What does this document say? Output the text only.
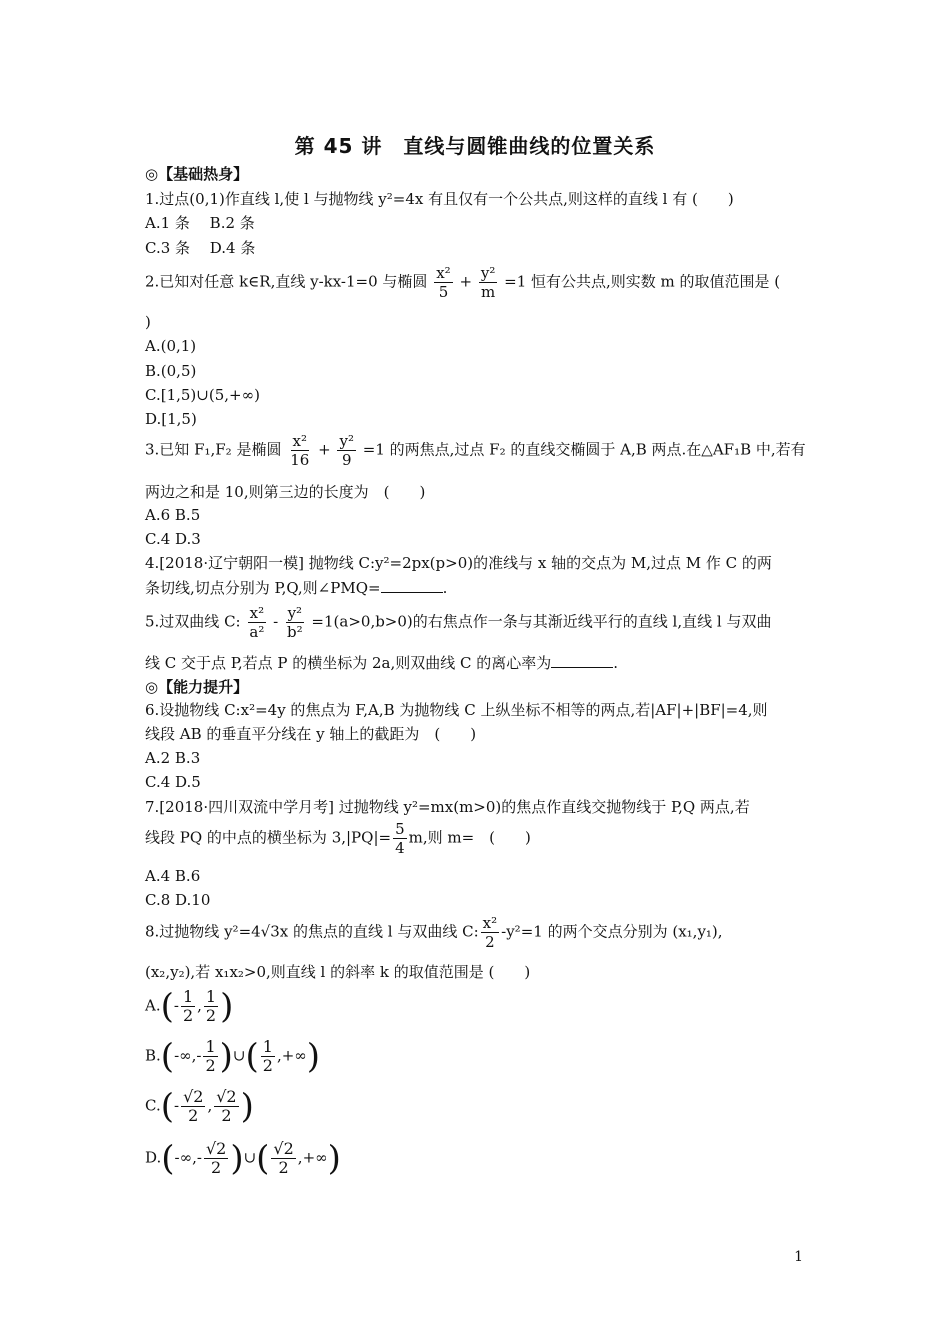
第 45 讲　直线与圆锥曲线的位置关系
◎【基础热身】
1.过点(0,1)作直线 l,使 l 与抛物线 y²=4x 有且仅有一个公共点,则这样的直线 l 有 (　　)
A.1 条　 B.2 条
C.3 条　 D.4 条
2.已知对任意 k∈R,直线 y-kx-1=0 与椭圆 $\frac{\text{x²}}{5} + \frac{\text{y²}}{m} =1$ 恒有公共点,则实数 m 的取值范围是 (
)
A.(0,1)
B.(0,5)
C.[1,5)∪(5,+∞)
D.[1,5)
3.已知 F₁,F₂ 是椭圆 $\frac{\text{x²}}{16} + \frac{\text{y²}}{9} =1$ 的两焦点,过点 F₂ 的直线交椭圆于 A,B 两点.在△AF₁B 中,若有
两边之和是 10,则第三边的长度为　(　　)
A.6 B.5
C.4 D.3
4.[2018·辽宁朝阳一模] 抛物线 C:y²=2px(p>0)的准线与 x 轴的交点为 M,过点 M 作 C 的两
条切线,切点分别为 P,Q,则∠PMQ=	.
5.过双曲线 C: $\frac{\text{x²}}{\text{a²}} - \frac{\text{y²}}{\text{b²}} =1(a>0,b>0)$的右焦点作一条与其渐近线平行的直线 l,直线 l 与双曲
线 C 交于点 P,若点 P 的横坐标为 2a,则双曲线 C 的离心率为	.
◎【能力提升】
6.设抛物线 C:x²=4y 的焦点为 F,A,B 为抛物线 C 上纵坐标不相等的两点,若|AF|+|BF|=4,则
线段 AB 的垂直平分线在 y 轴上的截距为　(　　)
A.2 B.3
C.4 D.5
7.[2018·四川双流中学月考] 过抛物线 y²=mx(m>0)的焦点作直线交抛物线于 P,Q 两点,若
线段 PQ 的中点的横坐标为 $3,|PQ|= \frac{5}{4} m$,则 m=　(　　)
A.4 B.6
C.8 D.10
8.过抛物线 y²=4√3x 的焦点的直线 l 与双曲线 C: $\frac{\text{x²}}{2} -y^2=1$ 的两个交点分别为 (x₁,y₁),
(x₂,y₂),若 x₁x₂>0,则直线 l 的斜率 k 的取值范围是 (　　)
$A.(- \frac{1}{2}$ , $\frac{1}{2}$ )
$B.(-\infty,- \frac{1}{2}$ )∪( $\frac{1}{2}$ ,+∞)
$C.(- \frac{√2}{2}$ , $\frac{√2}{2}$ )
$D.(-\infty,- \frac{√2}{2}$ )∪( $\frac{√2}{2}$ ,+∞)
1
